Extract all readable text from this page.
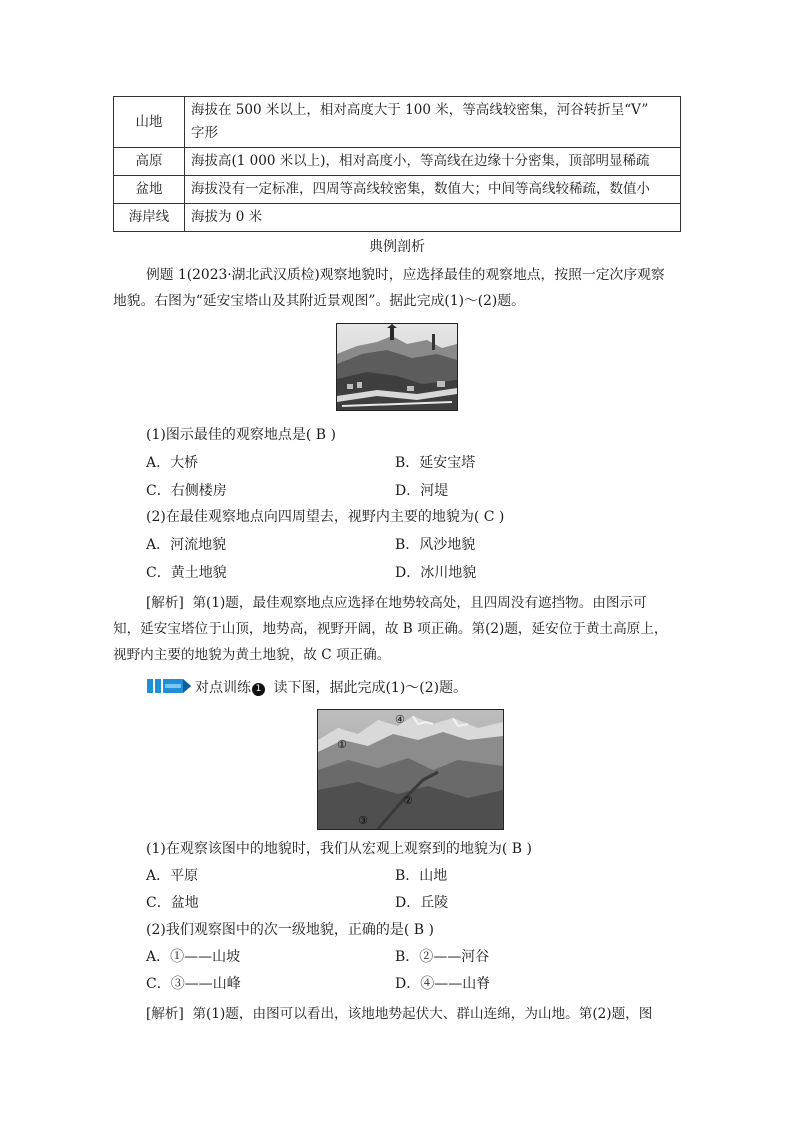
山地	海拔在 500 米以上，相对高度大于 100 米，等高线较密集，河谷转折呈“V”
字形

高原	海拔高(1 000 米以上)，相对高度小，等高线在边缘十分密集，顶部明显稀疏
盆地	海拔没有一定标准，四周等高线较密集，数值大；中间等高线较稀疏，数值小
海岸线	海拔为 0 米
典例剖析
例题 1(2023·湖北武汉质检)观察地貌时，应选择最佳的观察地点，按照一定次序观察
地貌。右图为“延安宝塔山及其附近景观图”。据此完成(1)～(2)题。
(1)图示最佳的观察地点是( B )
A．大桥	B．延安宝塔
C．右侧楼房	D．河堤
(2)在最佳观察地点向四周望去，视野内主要的地貌为( C )
A．河流地貌	B．风沙地貌
C．黄土地貌	D．冰川地貌
[解析] 第(1)题，最佳观察地点应选择在地势较高处，且四周没有遮挡物。由图示可
知，延安宝塔位于山顶，地势高，视野开阔，故 B 项正确。第(2)题，延安位于黄土高原上，
视野内主要的地貌为黄土地貌，故 C 项正确。
对点训练 1 读下图，据此完成(1)～(2)题。
④
①
②
③
(1)在观察该图中的地貌时，我们从宏观上观察到的地貌为( B )
A．平原	B．山地
C．盆地	D．丘陵
(2)我们观察图中的次一级地貌，正确的是( B )
A．①——山坡	B．②——河谷
C．③——山峰	D．④——山脊
[解析] 第(1)题，由图可以看出，该地地势起伏大、群山连绵，为山地。第(2)题，图
